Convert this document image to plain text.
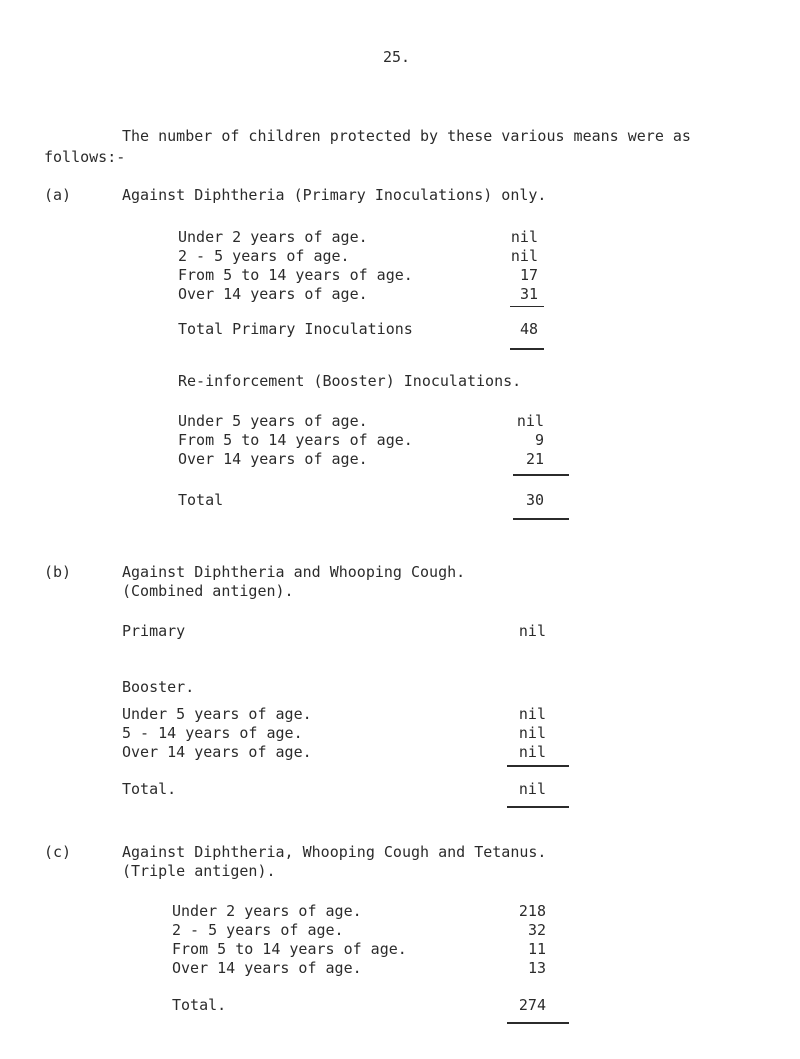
25.
The number of children protected by these various means were as
follows:-
(a)	Against Diphtheria (Primary Inoculations) only.
Under 2 years of age.	nil
2 - 5 years of age.	nil
From 5 to 14 years of age.	17
Over 14 years of age.	31
Total Primary Inoculations	48
Re-inforcement (Booster) Inoculations.
Under 5 years of age.	nil
From 5 to 14 years of age.	9
Over 14 years of age.	21
Total	30
(b)	Against Diphtheria and Whooping Cough.
(Combined antigen).
Primary	nil
Booster.
Under 5 years of age.	nil
5 - 14 years of age.	nil
Over 14 years of age.	nil
Total.	nil
(c)	Against Diphtheria, Whooping Cough and Tetanus.
(Triple antigen).
Under 2 years of age.	218
2 - 5 years of age.	32
From 5 to 14 years of age.	11
Over 14 years of age.	13
Total.	274
